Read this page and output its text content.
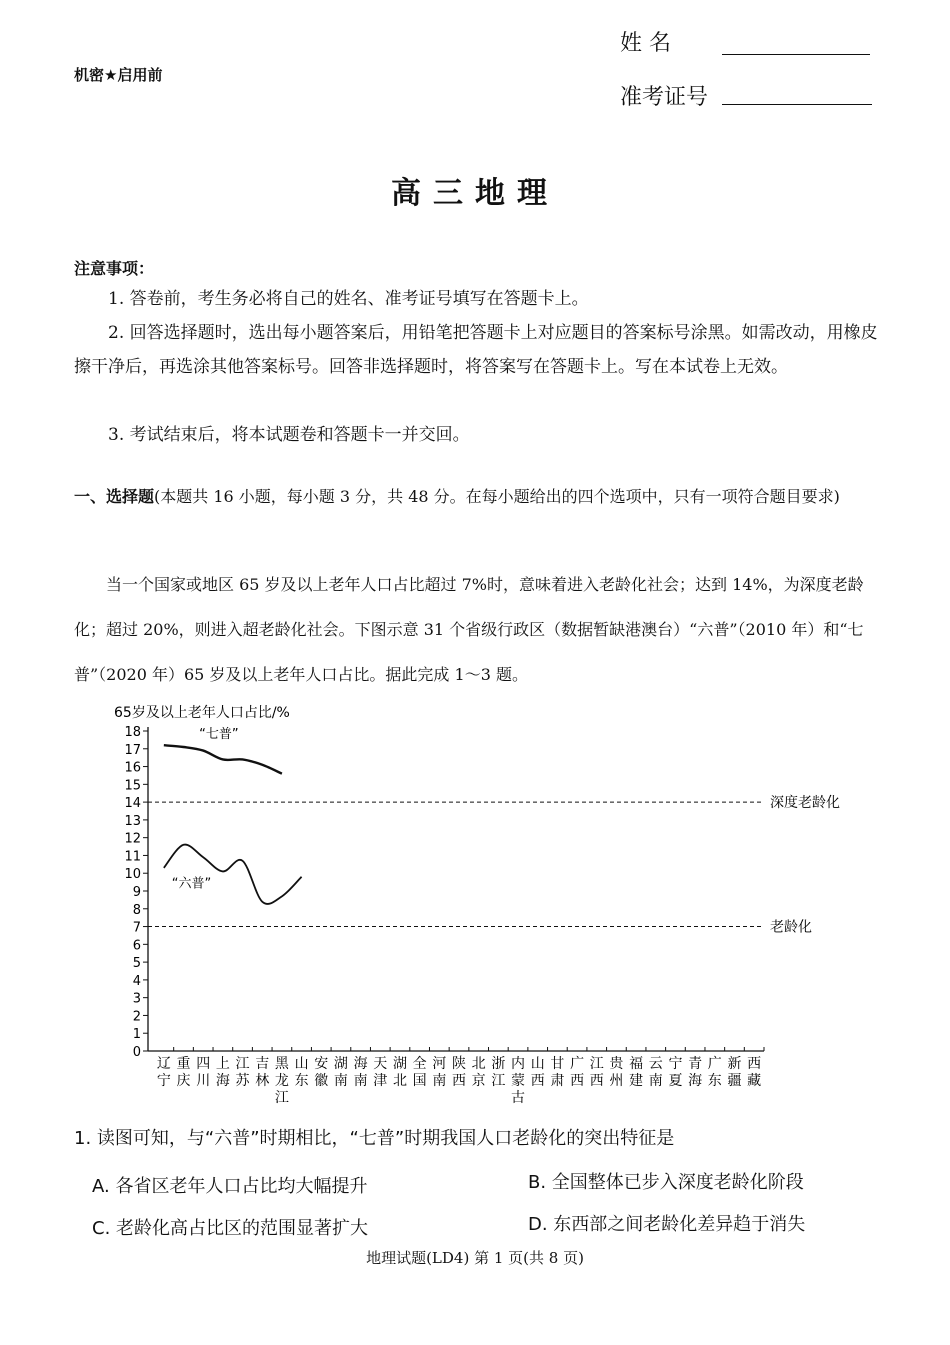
机密★启用前
姓 名
准考证号
高三地理
注意事项：
1. 答卷前，考生务必将自己的姓名、准考证号填写在答题卡上。
2. 回答选择题时，选出每小题答案后，用铅笔把答题卡上对应题目的答案标号涂黑。如需改动，用橡皮擦干净后，再选涂其他答案标号。回答非选择题时，将答案写在答题卡上。写在本试卷上无效。
3. 考试结束后，将本试题卷和答题卡一并交回。
一、选择题(本题共 16 小题，每小题 3 分，共 48 分。在每小题给出的四个选项中，只有一项符合题目要求)
当一个国家或地区 65 岁及以上老年人口占比超过 7%时，意味着进入老龄化社会；达到 14%，为深度老龄化；超过 20%，则进入超老龄化社会。下图示意 31 个省级行政区（数据暂缺港澳台）“六普”（2010 年）和“七普”（2020 年）65 岁及以上老年人口占比。据此完成 1～3 题。
65岁及以上老年人口占比/%
0
1
2
3
4
5
6
7
8
9
10
11
12
13
14
15
16
17
18
深度老龄化
老龄化
“七普”
“六普”
辽
宁
重
庆
四
川
上
海
江
苏
吉
林
黑
龙
江
山
东
安
徽
湖
南
海
南
天
津
湖
北
全
国
河
南
陕
西
北
京
浙
江
内
蒙
古
山
西
甘
肃
广
西
江
西
贵
州
福
建
云
南
宁
夏
青
海
广
东
新
疆
西
藏
1. 读图可知，与“六普”时期相比，“七普”时期我国人口老龄化的突出特征是
A. 各省区老年人口占比均大幅提升	B. 全国整体已步入深度老龄化阶段
C. 老龄化高占比区的范围显著扩大	D. 东西部之间老龄化差异趋于消失
地理试题(LD4) 第 1 页(共 8 页)
